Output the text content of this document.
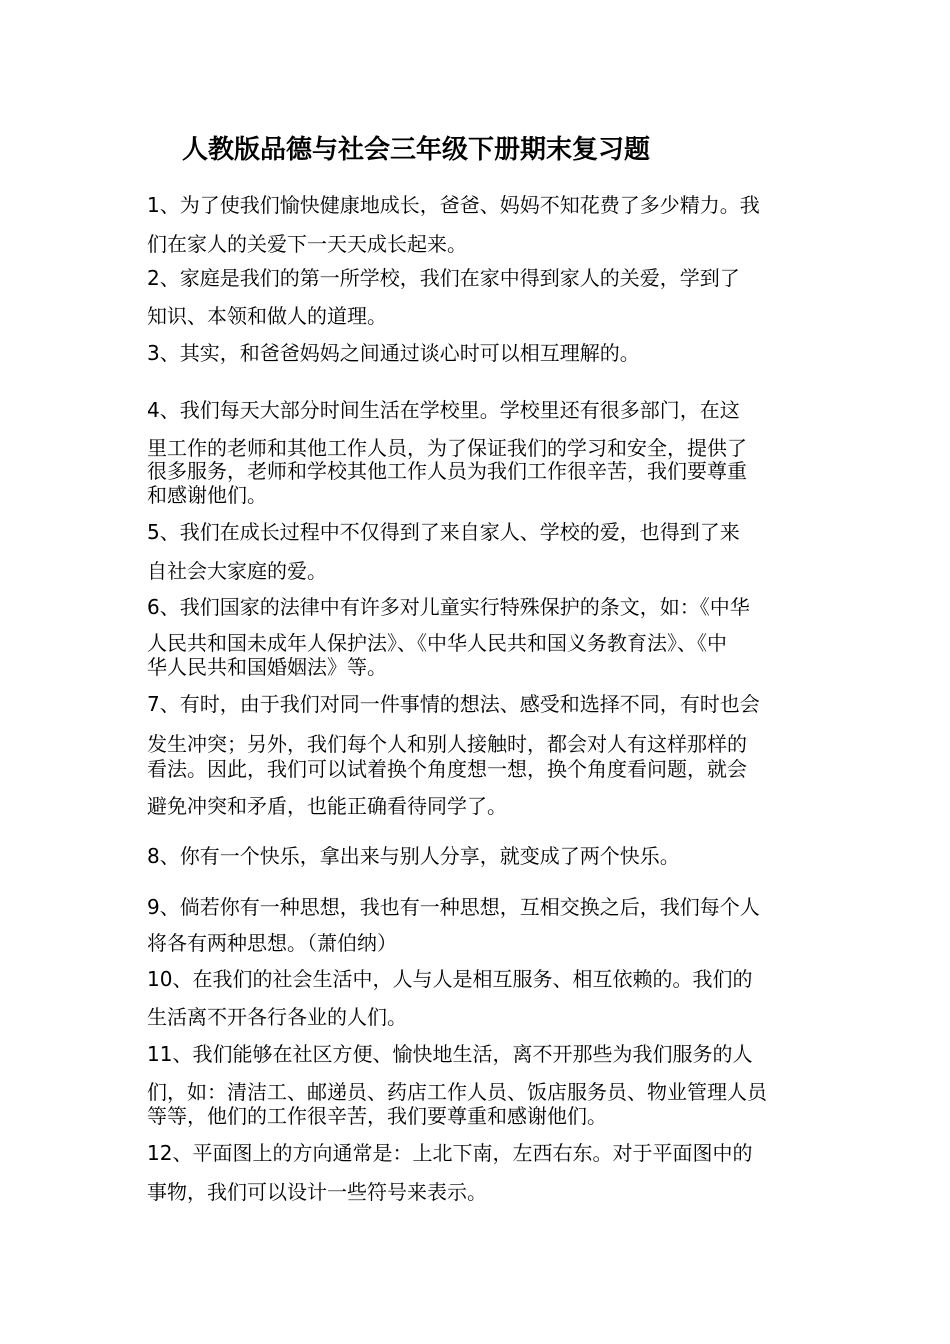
人教版品德与社会三年级下册期末复习题
1、为了使我们愉快健康地成长，爸爸、妈妈不知花费了多少精力。我
们在家人的关爱下一天天成长起来。
2、家庭是我们的第一所学校，我们在家中得到家人的关爱，学到了
知识、本领和做人的道理。
3、其实，和爸爸妈妈之间通过谈心时可以相互理解的。
4、我们每天大部分时间生活在学校里。学校里还有很多部门，在这
里工作的老师和其他工作人员，为了保证我们的学习和安全，提供了
很多服务，老师和学校其他工作人员为我们工作很辛苦，我们要尊重
和感谢他们。
5、我们在成长过程中不仅得到了来自家人、学校的爱，也得到了来
自社会大家庭的爱。
6、我们国家的法律中有许多对儿童实行特殊保护的条文，如：《中华
人民共和国未成年人保护法》、《中华人民共和国义务教育法》、《中
华人民共和国婚姻法》等。
7、有时，由于我们对同一件事情的想法、感受和选择不同，有时也会
发生冲突；另外，我们每个人和别人接触时，都会对人有这样那样的
看法。因此，我们可以试着换个角度想一想，换个角度看问题，就会
避免冲突和矛盾，也能正确看待同学了。
8、你有一个快乐，拿出来与别人分享，就变成了两个快乐。
9、倘若你有一种思想，我也有一种思想，互相交换之后，我们每个人
将各有两种思想。（萧伯纳）
10、在我们的社会生活中，人与人是相互服务、相互依赖的。我们的
生活离不开各行各业的人们。
11、我们能够在社区方便、愉快地生活，离不开那些为我们服务的人
们，如：清洁工、邮递员、药店工作人员、饭店服务员、物业管理人员
等等，他们的工作很辛苦，我们要尊重和感谢他们。
12、平面图上的方向通常是：上北下南，左西右东。对于平面图中的
事物，我们可以设计一些符号来表示。
